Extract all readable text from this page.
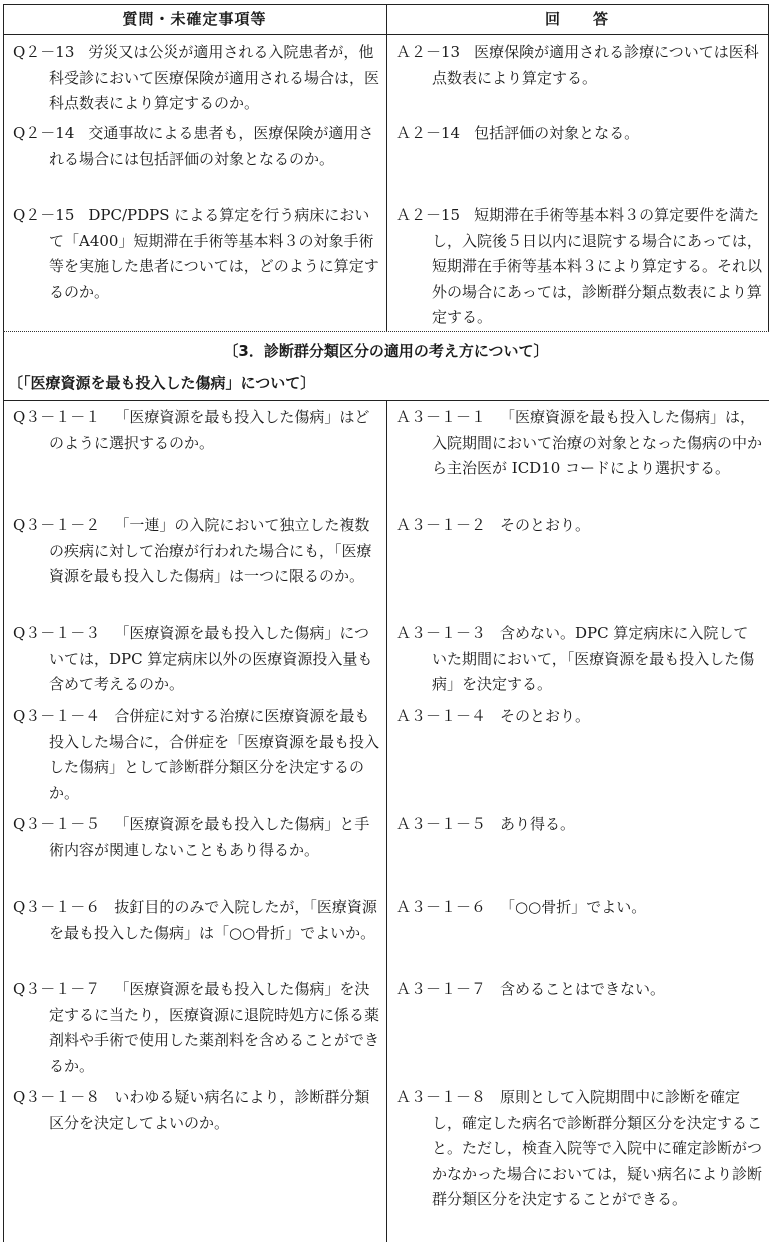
質問・未確定事項等	回　　答
〔3．診断群分類区分の適用の考え方について〕
〔「医療資源を最も投入した傷病」について〕
Q２－13 労災又は公災が適用される入院患者が，他科受診において医療保険が適用される場合は，医科点数表により算定するのか。
Ａ２－13 医療保険が適用される診療については医科点数表により算定する。
Q２－14 交通事故による患者も，医療保険が適用される場合には包括評価の対象となるのか。
Ａ２－14 包括評価の対象となる。
Q２－15 DPC/PDPS による算定を行う病床において「A400」短期滞在手術等基本料３の対象手術等を実施した患者については，どのように算定するのか。
Ａ２－15 短期滞在手術等基本料３の算定要件を満たし，入院後５日以内に退院する場合にあっては，短期滞在手術等基本料３により算定する。それ以外の場合にあっては，診断群分類点数表により算定する。
Q３－１－１ 「医療資源を最も投入した傷病」はどのように選択するのか。
Ａ３－１－１ 「医療資源を最も投入した傷病」は，入院期間において治療の対象となった傷病の中から主治医が ICD10 コードにより選択する。
Q３－１－２ 「一連」の入院において独立した複数の疾病に対して治療が行われた場合にも，「医療資源を最も投入した傷病」は一つに限るのか。
Ａ３－１－２ そのとおり。
Q３－１－３ 「医療資源を最も投入した傷病」については，DPC 算定病床以外の医療資源投入量も含めて考えるのか。
Ａ３－１－３ 含めない。DPC 算定病床に入院していた期間において，「医療資源を最も投入した傷病」を決定する。
Q３－１－４ 合併症に対する治療に医療資源を最も投入した場合に，合併症を「医療資源を最も投入した傷病」として診断群分類区分を決定するのか。
Ａ３－１－４ そのとおり。
Q３－１－５ 「医療資源を最も投入した傷病」と手術内容が関連しないこともあり得るか。
Ａ３－１－５ あり得る。
Q３－１－６ 抜釘目的のみで入院したが，「医療資源を最も投入した傷病」は「○○骨折」でよいか。
Ａ３－１－６ 「○○骨折」でよい。
Q３－１－７ 「医療資源を最も投入した傷病」を決定するに当たり，医療資源に退院時処方に係る薬剤料や手術で使用した薬剤料を含めることができるか。
Ａ３－１－７ 含めることはできない。
Q３－１－８ いわゆる疑い病名により，診断群分類区分を決定してよいのか。
Ａ３－１－８ 原則として入院期間中に診断を確定し，確定した病名で診断群分類区分を決定すること。ただし，検査入院等で入院中に確定診断がつかなかった場合においては，疑い病名により診断群分類区分を決定することができる。
